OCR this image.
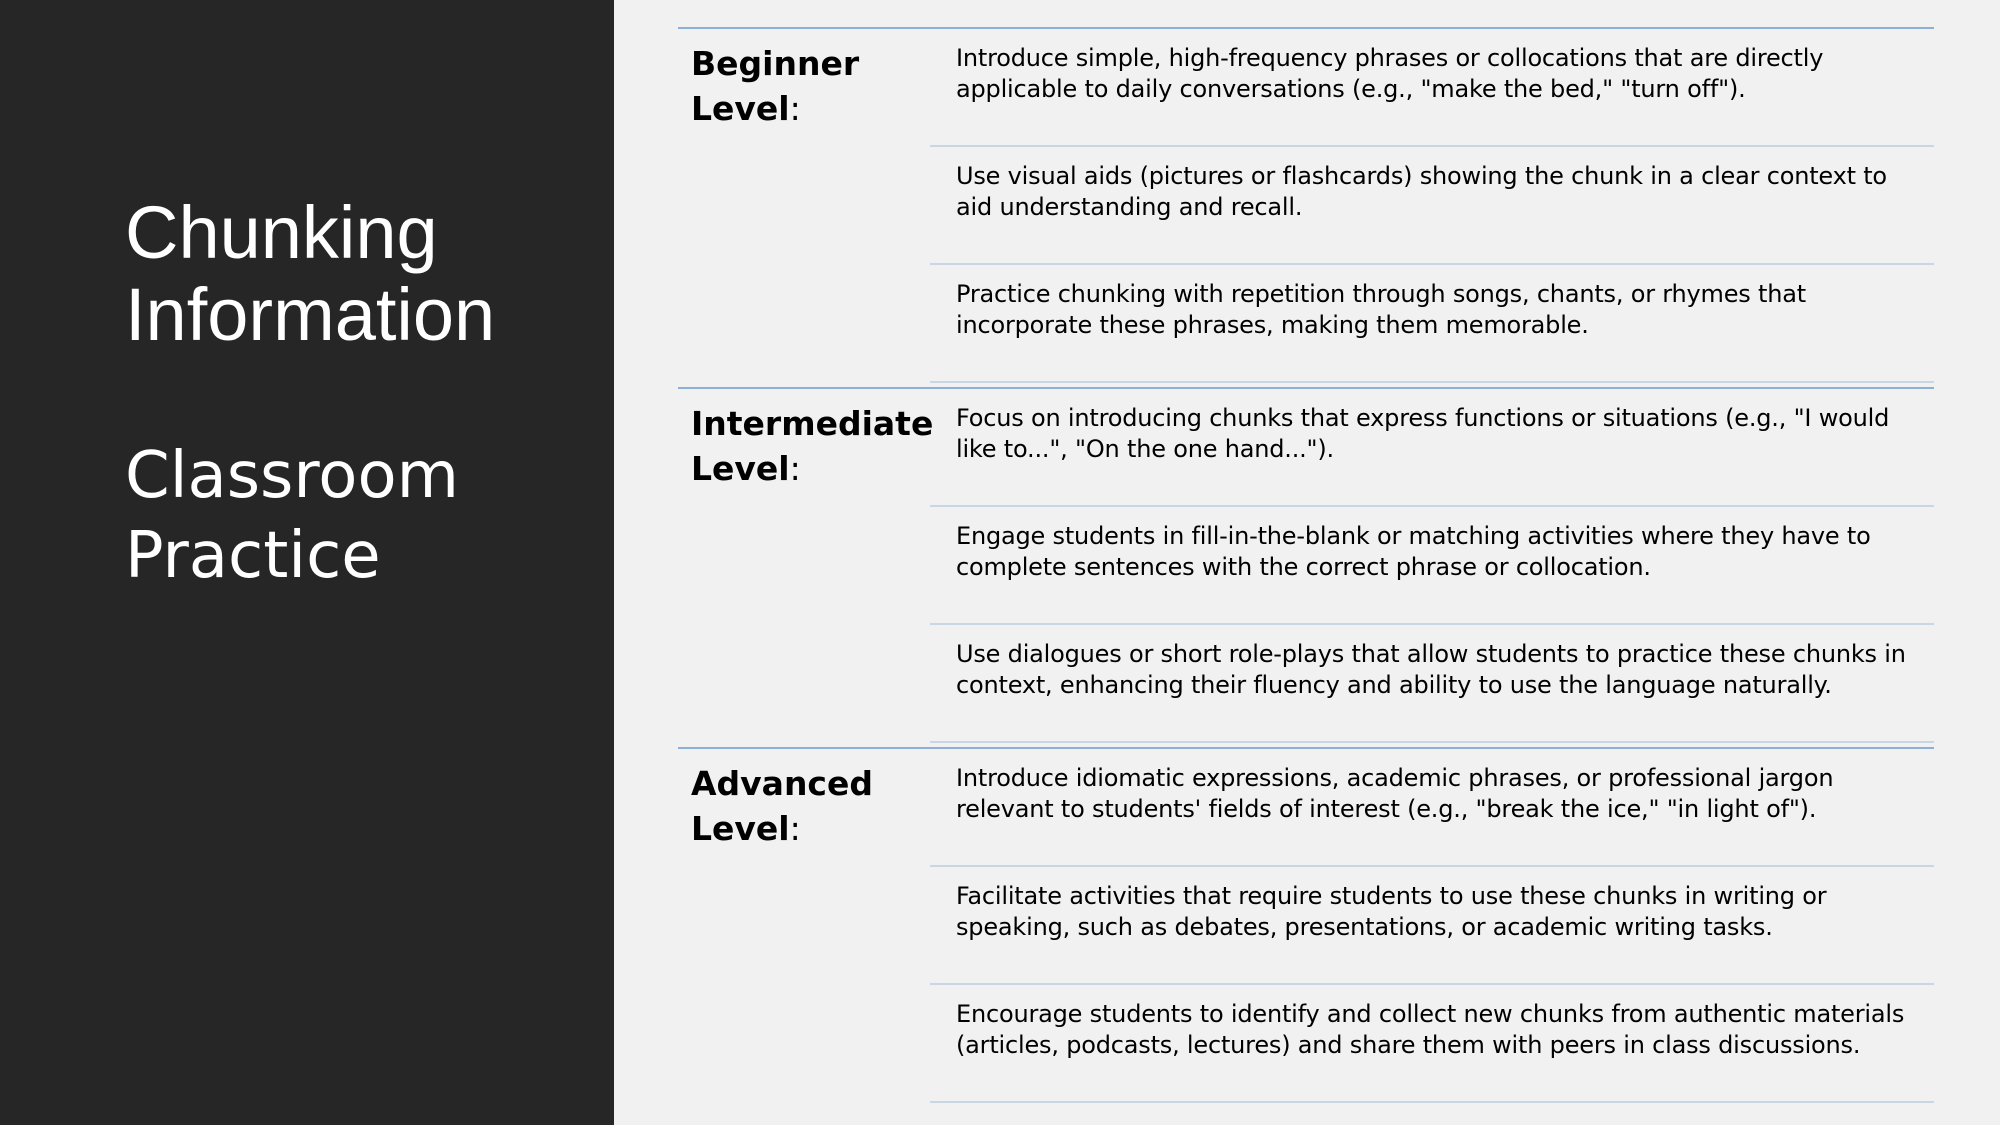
Chunking
Information
Classroom
Practice
Beginner
Level:

Introduce simple, high-frequency phrases or collocations that are directly applicable to daily conversations (e.g., "make the bed," "turn off").

Use visual aids (pictures or flashcards) showing the chunk in a clear context to aid understanding and recall.

Practice chunking with repetition through songs, chants, or rhymes that incorporate these phrases, making them memorable.

Intermediate
Level:

Focus on introducing chunks that express functions or situations (e.g., "I would like to...", "On the one hand...").

Engage students in fill-in-the-blank or matching activities where they have to complete sentences with the correct phrase or collocation.

Use dialogues or short role-plays that allow students to practice these chunks in context, enhancing their fluency and ability to use the language naturally.

Advanced
Level:

Introduce idiomatic expressions, academic phrases, or professional jargon relevant to students' fields of interest (e.g., "break the ice," "in light of").

Facilitate activities that require students to use these chunks in writing or speaking, such as debates, presentations, or academic writing tasks.

Encourage students to identify and collect new chunks from authentic materials (articles, podcasts, lectures) and share them with peers in class discussions.
